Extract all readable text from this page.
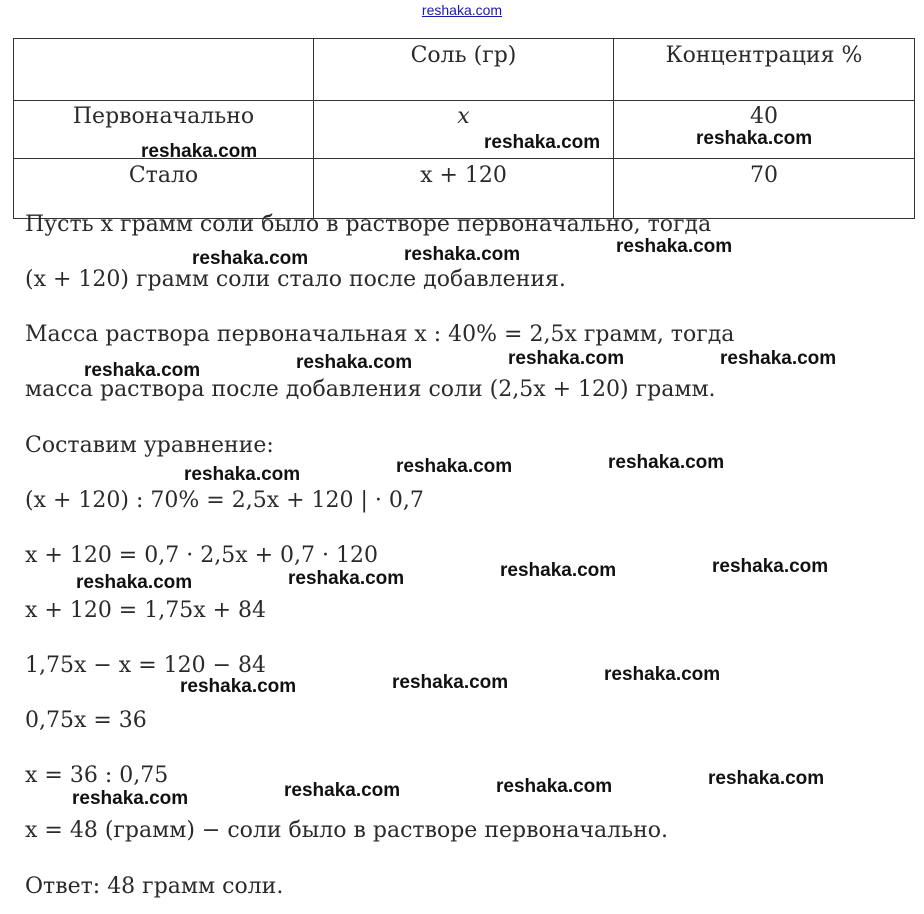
reshaka.com
	Соль (гр)	Концентрация %
Первоначально	x	40
Стало	x + 120	70
Пусть x грамм соли было в растворе первоначально, тогда
(x + 120) грамм соли стало после добавления.
Масса раствора первоначальная x : 40% = 2,5x грамм, тогда
масса раствора после добавления соли (2,5x + 120) грамм.
Составим уравнение:
(x + 120) : 70% = 2,5x + 120 | · 0,7
x + 120 = 0,7 · 2,5x + 0,7 · 120
x + 120 = 1,75x + 84
1,75x − x = 120 − 84
0,75x = 36
x = 36 : 0,75
x = 48 (грамм) − соли было в растворе первоначально.
Ответ: 48 грамм соли.
reshaka.com	reshaka.com	reshaka.com
reshaka.com	reshaka.com	reshaka.com
reshaka.com	reshaka.com	reshaka.com	reshaka.com
reshaka.com	reshaka.com	reshaka.com
reshaka.com	reshaka.com	reshaka.com	reshaka.com
reshaka.com	reshaka.com	reshaka.com
reshaka.com	reshaka.com	reshaka.com	reshaka.com
